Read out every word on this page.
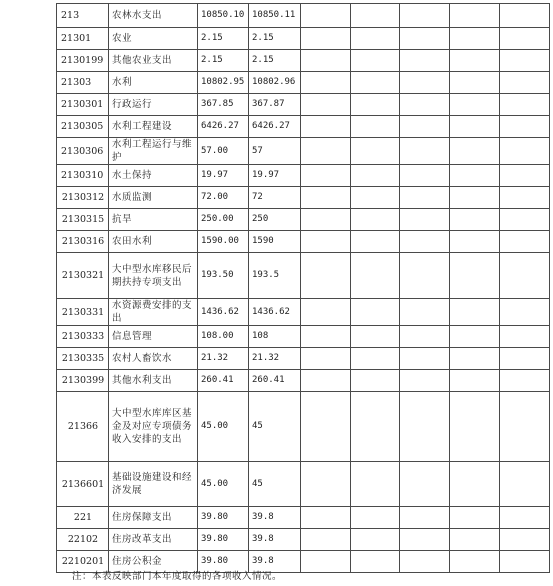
213	农林水支出	10850.10	10850.11					
21301	农业	2.15	2.15					
2130199	其他农业支出	2.15	2.15					
21303	水利	10802.95	10802.96					
2130301	行政运行	367.85	367.87					
2130305	水利工程建设	6426.27	6426.27					
2130306	水利工程运行与维护	57.00	57					
2130310	水土保持	19.97	19.97					
2130312	水质监测	72.00	72					
2130315	抗旱	250.00	250					
2130316	农田水利	1590.00	1590					
2130321	大中型水库移民后期扶持专项支出	193.50	193.5					
2130331	水资源费安排的支出	1436.62	1436.62					
2130333	信息管理	108.00	108					
2130335	农村人畜饮水	21.32	21.32					
2130399	其他水利支出	260.41	260.41					
21366	大中型水库库区基金及对应专项债务收入安排的支出	45.00	45					
2136601	基础设施建设和经济发展	45.00	45					
221	住房保障支出	39.80	39.8					
22102	住房改革支出	39.80	39.8					
2210201	住房公积金	39.80	39.8					
注：本表反映部门本年度取得的各项收入情况。
